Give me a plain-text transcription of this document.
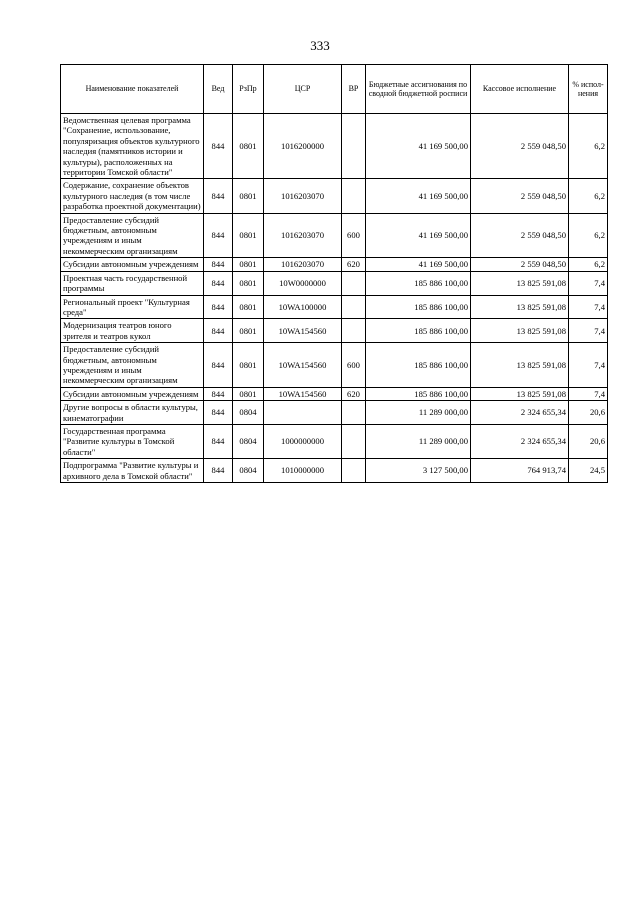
333
Наименование показателей	Вед	РзПр	ЦСР	ВР	Бюджетные ассигнования по сводной бюджетной росписи	Кассовое исполнение	% испол-нения
Ведомственная целевая программа "Сохранение, использование, популяризация объектов культурного наследия (памятников истории и культуры), расположенных на территории Томской области"	844	0801	1016200000		41 169 500,00	2 559 048,50	6,2
Содержание, сохранение объектов культурного наследия (в том числе разработка проектной документации)	844	0801	1016203070		41 169 500,00	2 559 048,50	6,2
Предоставление субсидий бюджетным, автономным учреждениям и иным некоммерческим организациям	844	0801	1016203070	600	41 169 500,00	2 559 048,50	6,2
Субсидии автономным учреждениям	844	0801	1016203070	620	41 169 500,00	2 559 048,50	6,2
Проектная часть государственной программы	844	0801	10W0000000		185 886 100,00	13 825 591,08	7,4
Региональный проект "Культурная среда"	844	0801	10WA100000		185 886 100,00	13 825 591,08	7,4
Модернизация театров юного зрителя и театров кукол	844	0801	10WA154560		185 886 100,00	13 825 591,08	7,4
Предоставление субсидий бюджетным, автономным учреждениям и иным некоммерческим организациям	844	0801	10WA154560	600	185 886 100,00	13 825 591,08	7,4
Субсидии автономным учреждениям	844	0801	10WA154560	620	185 886 100,00	13 825 591,08	7,4
Другие вопросы в области культуры, кинематографии	844	0804			11 289 000,00	2 324 655,34	20,6
Государственная программа "Развитие культуры в Томской области"	844	0804	1000000000		11 289 000,00	2 324 655,34	20,6
Подпрограмма "Развитие культуры и архивного дела в Томской области"	844	0804	1010000000		3 127 500,00	764 913,74	24,5
